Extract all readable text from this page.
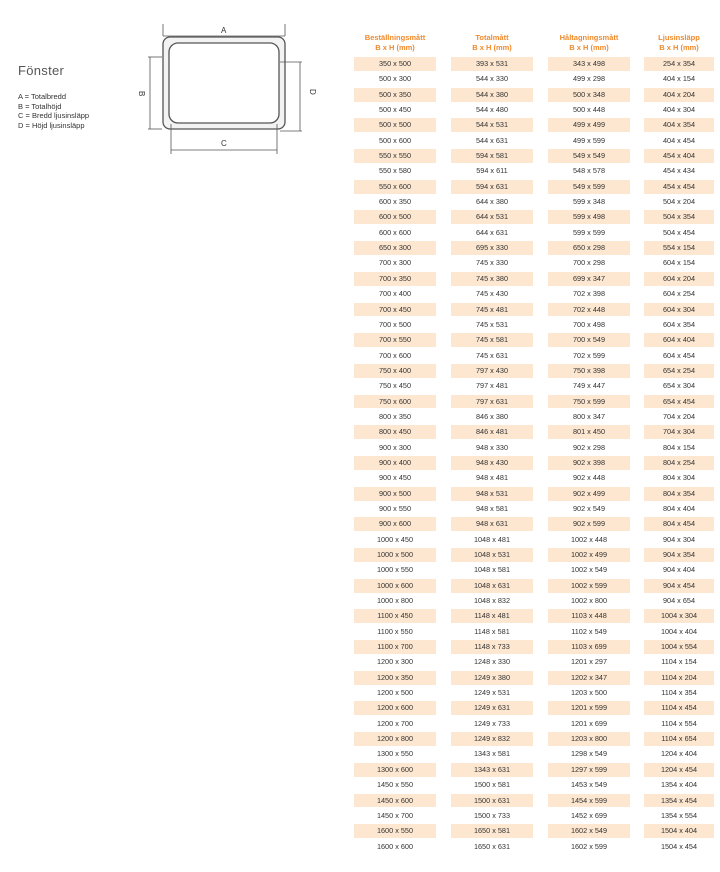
Fönster
A = Totalbredd
B = Totalhöjd
C = Bredd ljusinsläpp
D = Höjd ljusinsläpp
A
B
C
D
Beställningsmått
B x H (mm)
Totalmått
B x H (mm)
Håltagningsmått
B x H (mm)
Ljusinsläpp
B x H (mm)
350 x 500	393 x 531	343 x 498	254 x 354
500 x 300	544 x 330	499 x 298	404 x 154
500 x 350	544 x 380	500 x 348	404 x 204
500 x 450	544 x 480	500 x 448	404 x 304
500 x 500	544 x 531	499 x 499	404 x 354
500 x 600	544 x 631	499 x 599	404 x 454
550 x 550	594 x 581	549 x 549	454 x 404
550 x 580	594 x 611	548 x 578	454 x 434
550 x 600	594 x 631	549 x 599	454 x 454
600 x 350	644 x 380	599 x 348	504 x 204
600 x 500	644 x 531	599 x 498	504 x 354
600 x 600	644 x 631	599 x 599	504 x 454
650 x 300	695 x 330	650 x 298	554 x 154
700 x 300	745 x 330	700 x 298	604 x 154
700 x 350	745 x 380	699 x 347	604 x 204
700 x 400	745 x 430	702 x 398	604 x 254
700 x 450	745 x 481	702 x 448	604 x 304
700 x 500	745 x 531	700 x 498	604 x 354
700 x 550	745 x 581	700 x 549	604 x 404
700 x 600	745 x 631	702 x 599	604 x 454
750 x 400	797 x 430	750 x 398	654 x 254
750 x 450	797 x 481	749 x 447	654 x 304
750 x 600	797 x 631	750 x 599	654 x 454
800 x 350	846 x 380	800 x 347	704 x 204
800 x 450	846 x 481	801 x 450	704 x 304
900 x 300	948 x 330	902 x 298	804 x 154
900 x 400	948 x 430	902 x 398	804 x 254
900 x 450	948 x 481	902 x 448	804 x 304
900 x 500	948 x 531	902 x 499	804 x 354
900 x 550	948 x 581	902 x 549	804 x 404
900 x 600	948 x 631	902 x 599	804 x 454
1000 x 450	1048 x 481	1002 x 448	904 x 304
1000 x 500	1048 x 531	1002 x 499	904 x 354
1000 x 550	1048 x 581	1002 x 549	904 x 404
1000 x 600	1048 x 631	1002 x 599	904 x 454
1000 x 800	1048 x 832	1002 x 800	904 x 654
1100 x 450	1148 x 481	1103 x 448	1004 x 304
1100 x 550	1148 x 581	1102 x 549	1004 x 404
1100 x 700	1148 x 733	1103 x 699	1004 x 554
1200 x 300	1248 x 330	1201 x 297	1104 x 154
1200 x 350	1249 x 380	1202 x 347	1104 x 204
1200 x 500	1249 x 531	1203 x 500	1104 x 354
1200 x 600	1249 x 631	1201 x 599	1104 x 454
1200 x 700	1249 x 733	1201 x 699	1104 x 554
1200 x 800	1249 x 832	1203 x 800	1104 x 654
1300 x 550	1343 x 581	1298 x 549	1204 x 404
1300 x 600	1343 x 631	1297 x 599	1204 x 454
1450 x 550	1500 x 581	1453 x 549	1354 x 404
1450 x 600	1500 x 631	1454 x 599	1354 x 454
1450 x 700	1500 x 733	1452 x 699	1354 x 554
1600 x 550	1650 x 581	1602 x 549	1504 x 404
1600 x 600	1650 x 631	1602 x 599	1504 x 454
